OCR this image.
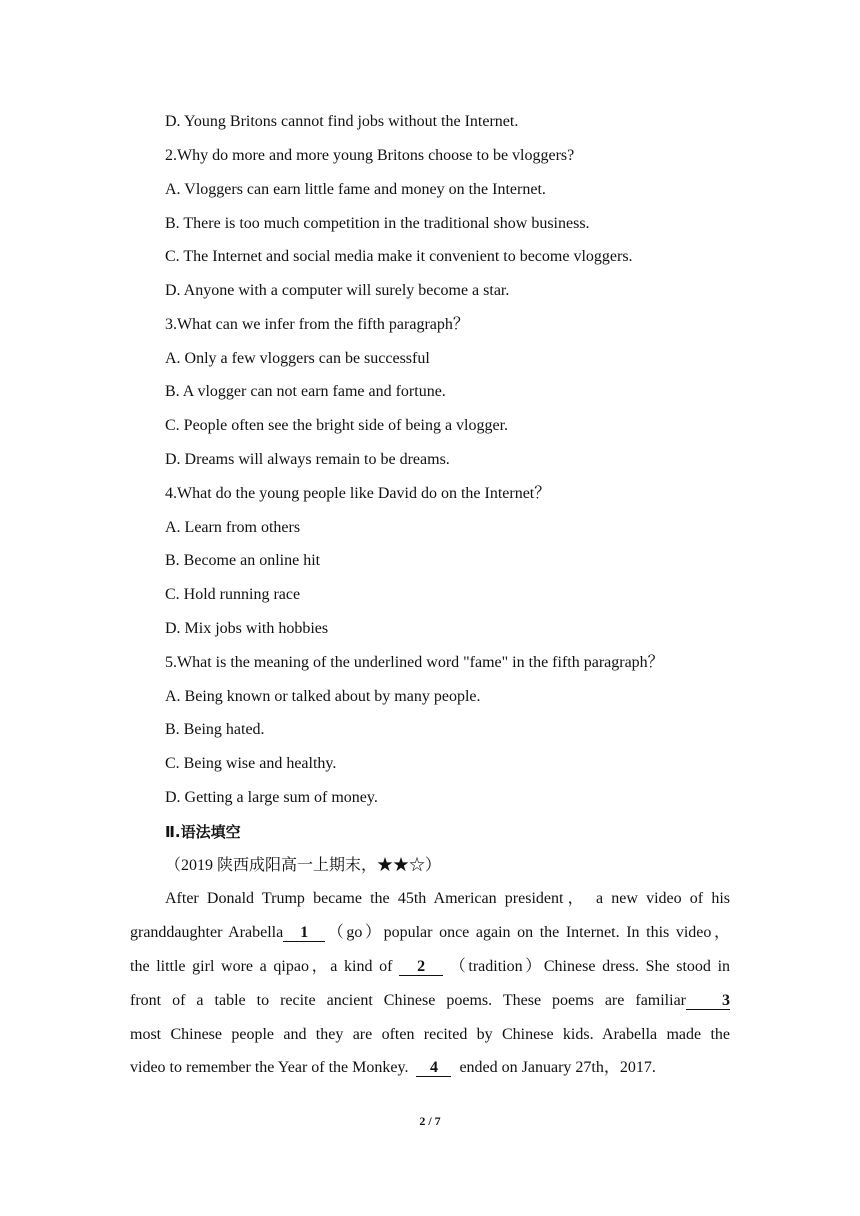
D. Young Britons cannot find jobs without the Internet.
2.Why do more and more young Britons choose to be vloggers?
A. Vloggers can earn little fame and money on the Internet.
B. There is too much competition in the traditional show business.
C. The Internet and social media make it convenient to become vloggers.
D. Anyone with a computer will surely become a star.
3.What can we infer from the fifth paragraph？
A. Only a few vloggers can be successful
B. A vlogger can not earn fame and fortune.
C. People often see the bright side of being a vlogger.
D. Dreams will always remain to be dreams.
4.What do the young people like David do on the Internet？
A. Learn from others
B. Become an online hit
C. Hold running race
D. Mix jobs with hobbies
5.What is the meaning of the underlined word "fame" in the fifth paragraph？
A. Being known or talked about by many people.
B. Being hated.
C. Being wise and healthy.
D. Getting a large sum of money.
Ⅱ.语法填空
（2019 陕西成阳高一上期末，★★☆）
After Donald Trump became the 45th American president， a new video of his
granddaughter Arabella 1 （go）popular once again on the Internet. In this video，
the little girl wore a qipao，a kind of 2 （tradition）Chinese dress. She stood in
front of a table to recite ancient Chinese poems. These poems are familiar 3
most Chinese people and they are often recited by Chinese kids. Arabella made the
video to remember the Year of the Monkey. 4 ended on January 27th，2017.
2 / 7
